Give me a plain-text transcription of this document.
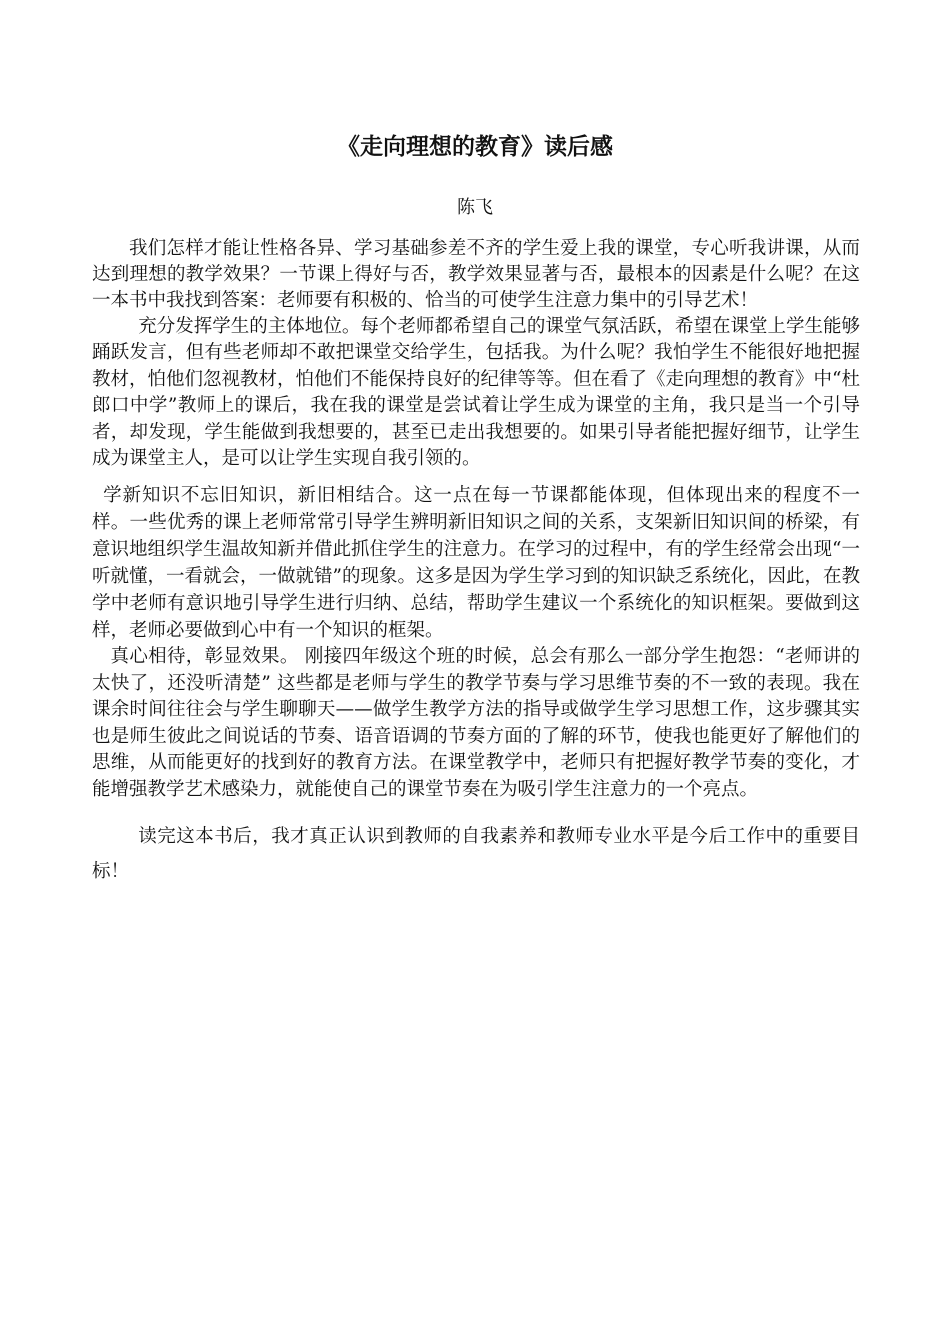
《走向理想的教育》读后感
陈飞

我们怎样才能让性格各异、学习基础参差不齐的学生爱上我的课堂，专心听我讲课，从而达到理想的教学效果？一节课上得好与否，教学效果显著与否，最根本的因素是什么呢？在这一本书中我找到答案：老师要有积极的、恰当的可使学生注意力集中的引导艺术！

充分发挥学生的主体地位。每个老师都希望自己的课堂气氛活跃，希望在课堂上学生能够踊跃发言，但有些老师却不敢把课堂交给学生，包括我。为什么呢？我怕学生不能很好地把握教材，怕他们忽视教材，怕他们不能保持良好的纪律等等。但在看了《走向理想的教育》中“杜郎口中学”教师上的课后，我在我的课堂是尝试着让学生成为课堂的主角，我只是当一个引导者，却发现，学生能做到我想要的，甚至已走出我想要的。如果引导者能把握好细节，让学生成为课堂主人，是可以让学生实现自我引领的。

学新知识不忘旧知识，新旧相结合。这一点在每一节课都能体现，但体现出来的程度不一样。一些优秀的课上老师常常引导学生辨明新旧知识之间的关系，支架新旧知识间的桥梁，有意识地组织学生温故知新并借此抓住学生的注意力。在学习的过程中，有的学生经常会出现“一听就懂，一看就会，一做就错”的现象。这多是因为学生学习到的知识缺乏系统化，因此，在教学中老师有意识地引导学生进行归纳、总结，帮助学生建议一个系统化的知识框架。要做到这样，老师必要做到心中有一个知识的框架。

真心相待，彰显效果。 刚接四年级这个班的时候，总会有那么一部分学生抱怨：“老师讲的太快了，还没听清楚” 这些都是老师与学生的教学节奏与学习思维节奏的不一致的表现。我在课余时间往往会与学生聊聊天——做学生教学方法的指导或做学生学习思想工作，这步骤其实也是师生彼此之间说话的节奏、语音语调的节奏方面的了解的环节，使我也能更好了解他们的思维，从而能更好的找到好的教育方法。在课堂教学中，老师只有把握好教学节奏的变化，才能增强教学艺术感染力，就能使自己的课堂节奏在为吸引学生注意力的一个亮点。

读完这本书后，我才真正认识到教师的自我素养和教师专业水平是今后工作中的重要目标！
